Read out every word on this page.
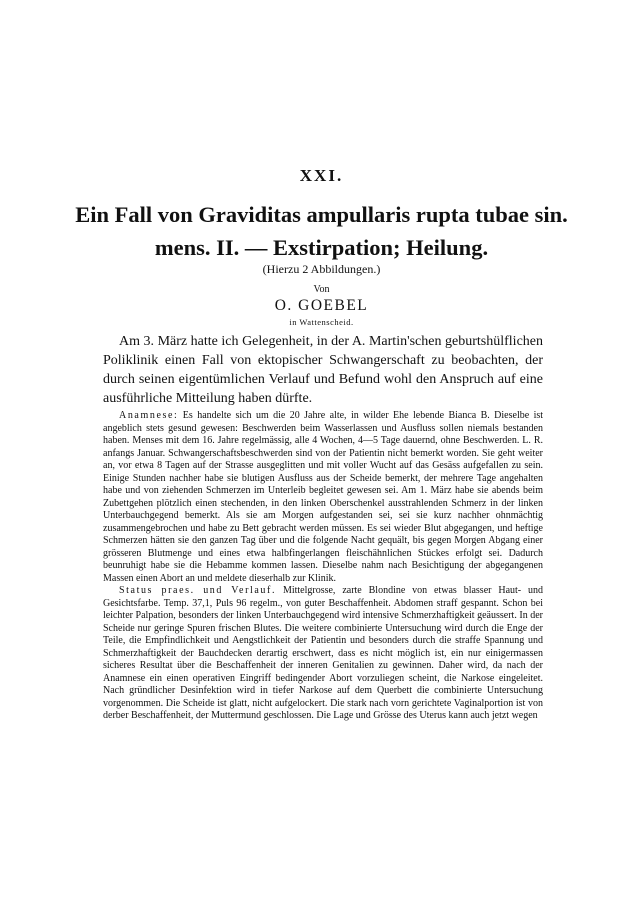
XXI.
Ein Fall von Graviditas ampullaris rupta tubae sin. mens. II. — Exstirpation; Heilung.
(Hierzu 2 Abbildungen.)
Von
O. GOEBEL
in Wattenscheid.

Am 3. März hatte ich Gelegenheit, in der A. Martin'schen geburtshülflichen Poliklinik einen Fall von ektopischer Schwangerschaft zu beobachten, der durch seinen eigentümlichen Verlauf und Befund wohl den Anspruch auf eine ausführliche Mitteilung haben dürfte.

Anamnese: Es handelte sich um die 20 Jahre alte, in wilder Ehe lebende Bianca B. Dieselbe ist angeblich stets gesund gewesen: Beschwerden beim Wasserlassen und Ausfluss sollen niemals bestanden haben. Menses mit dem 16. Jahre regelmässig, alle 4 Wochen, 4—5 Tage dauernd, ohne Beschwerden. L. R. anfangs Januar. Schwangerschaftsbeschwerden sind von der Patientin nicht bemerkt worden. Sie geht weiter an, vor etwa 8 Tagen auf der Strasse ausgeglitten und mit voller Wucht auf das Gesäss aufgefallen zu sein. Einige Stunden nachher habe sie blutigen Ausfluss aus der Scheide bemerkt, der mehrere Tage angehalten habe und von ziehenden Schmerzen im Unterleib begleitet gewesen sei. Am 1. März habe sie abends beim Zubettgehen plötzlich einen stechenden, in den linken Oberschenkel ausstrahlenden Schmerz in der linken Unterbauchgegend bemerkt. Als sie am Morgen aufgestanden sei, sei sie kurz nachher ohnmächtig zusammengebrochen und habe zu Bett gebracht werden müssen. Es sei wieder Blut abgegangen, und heftige Schmerzen hätten sie den ganzen Tag über und die folgende Nacht gequält, bis gegen Morgen Abgang einer grösseren Blutmenge und eines etwa halbfingerlangen fleischähnlichen Stückes erfolgt sei. Dadurch beunruhigt habe sie die Hebamme kommen lassen. Dieselbe nahm nach Besichtigung der abgegangenen Massen einen Abort an und meldete dieserhalb zur Klinik.

Status praes. und Verlauf. Mittelgrosse, zarte Blondine von etwas blasser Haut- und Gesichtsfarbe. Temp. 37,1, Puls 96 regelm., von guter Beschaffenheit. Abdomen straff gespannt. Schon bei leichter Palpation, besonders der linken Unterbauchgegend wird intensive Schmerzhaftigkeit geäussert. In der Scheide nur geringe Spuren frischen Blutes. Die weitere combinierte Untersuchung wird durch die Enge der Teile, die Empfindlichkeit und Aengstlichkeit der Patientin und besonders durch die straffe Spannung und Schmerzhaftigkeit der Bauchdecken derartig erschwert, dass es nicht möglich ist, ein nur einigermassen sicheres Resultat über die Beschaffenheit der inneren Genitalien zu gewinnen. Daher wird, da nach der Anamnese ein einen operativen Eingriff bedingender Abort vorzuliegen scheint, die Narkose eingeleitet. Nach gründlicher Desinfektion wird in tiefer Narkose auf dem Querbett die combinierte Untersuchung vorgenommen. Die Scheide ist glatt, nicht aufgelockert. Die stark nach vorn gerichtete Vaginalportion ist von derber Beschaffenheit, der Muttermund geschlossen. Die Lage und Grösse des Uterus kann auch jetzt wegen
